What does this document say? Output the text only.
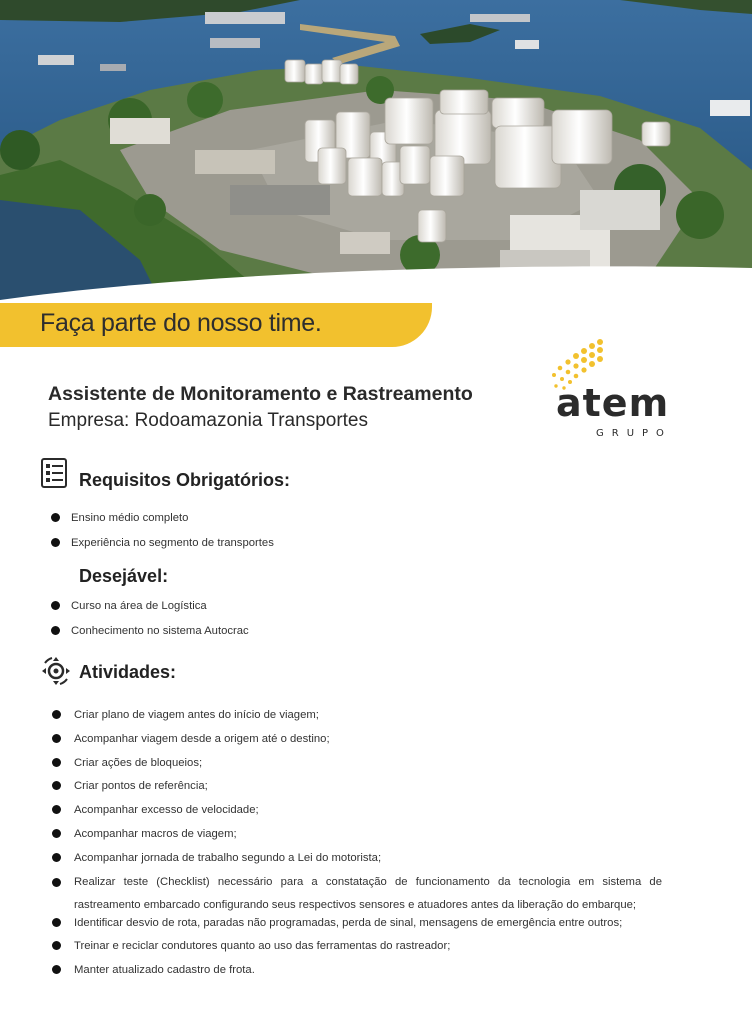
Faça parte do nosso time.
Assistente de Monitoramento e Rastreamento
Empresa: Rodoamazonia Transportes	atem
GRUPO
Requisitos Obrigatórios:
Ensino médio completo
Experiência no segmento de transportes
Desejável:
Curso na área de Logística
Conhecimento no sistema Autocrac
Atividades:
Criar plano de viagem antes do início de viagem;
Acompanhar viagem desde a origem até o destino;
Criar ações de bloqueios;
Criar pontos de referência;
Acompanhar excesso de velocidade;
Acompanhar macros de viagem;
Acompanhar jornada de trabalho segundo a Lei do motorista;
Realizar teste (Checklist) necessário para a constatação de funcionamento da tecnologia em sistema de rastreamento embarcado configurando seus respectivos sensores e atuadores antes da liberação do embarque;
Identificar desvio de rota, paradas não programadas, perda de sinal, mensagens de emergência entre outros;
Treinar e reciclar condutores quanto ao uso das ferramentas do rastreador;
Manter atualizado cadastro de frota.
